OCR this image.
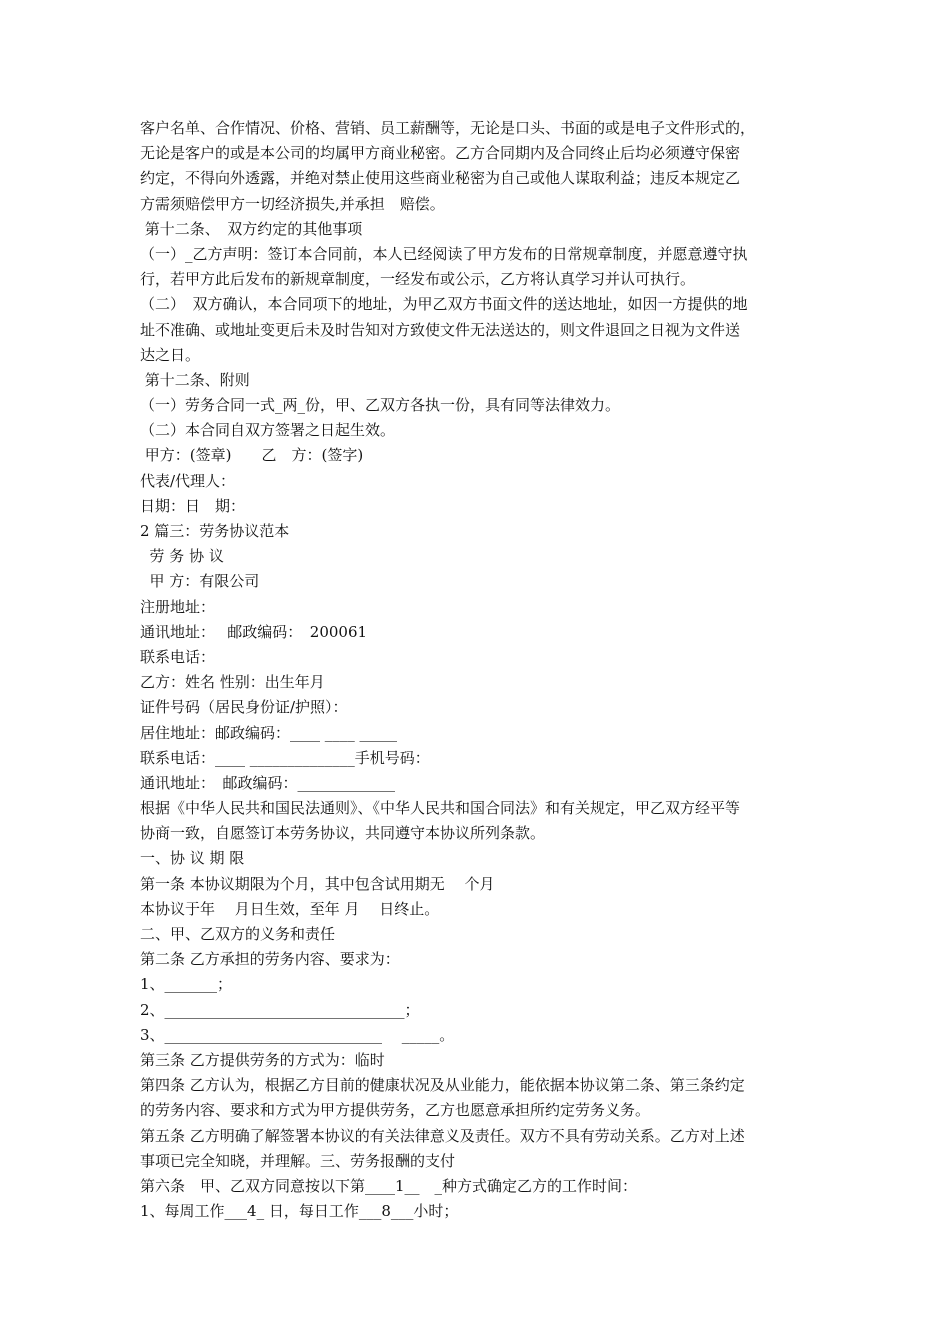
客户名单、合作情况、价格、营销、员工薪酬等，无论是口头、书面的或是电子文件形式的，
无论是客户的或是本公司的均属甲方商业秘密。乙方合同期内及合同终止后均必须遵守保密
约定，不得向外透露，并绝对禁止使用这些商业秘密为自己或他人谋取利益；违反本规定乙
方需须赔偿甲方一切经济损失,并承担　赔偿。
第十二条、　双方约定的其他事项
（一）_乙方声明：签订本合同前，本人已经阅读了甲方发布的日常规章制度，并愿意遵守执
行，若甲方此后发布的新规章制度，一经发布或公示，乙方将认真学习并认可执行。
（二）　双方确认，本合同项下的地址，为甲乙双方书面文件的送达地址，如因一方提供的地
址不准确、或地址变更后未及时告知对方致使文件无法送达的，则文件退回之日视为文件送
达之日。
第十二条、附则
（一）劳务合同一式_两_份，甲、乙双方各执一份，具有同等法律效力。
（二）本合同自双方签署之日起生效。
甲方：(签章)　　乙　方：(签字)
代表/代理人：
日期：日　期：
2 篇三：劳务协议范本
劳 务 协 议
甲 方：有限公司
注册地址：
通讯地址：　 邮政编码：　200061
联系电话：
乙方：姓名 性别：出生年月
证件号码（居民身份证/护照）：
居住地址：邮政编码：____ ____ _____
联系电话：____ ______________手机号码：
通讯地址：　邮政编码：_____________
根据《中华人民共和国民法通则》、《中华人民共和国合同法》和有关规定，甲乙双方经平等
协商一致，自愿签订本劳务协议，共同遵守本协议所列条款。
一、协 议 期 限
第一条 本协议期限为个月，其中包含试用期无　 个月
本协议于年　 月日生效，至年 月　 日终止。
二、甲、乙双方的义务和责任
第二条 乙方承担的劳务内容、要求为：
1、_______；
2、________________________________；
3、_____________________________　 _____。
第三条 乙方提供劳务的方式为：临时
第四条 乙方认为，根据乙方目前的健康状况及从业能力，能依据本协议第二条、第三条约定
的劳务内容、要求和方式为甲方提供劳务，乙方也愿意承担所约定劳务义务。
第五条 乙方明确了解签署本协议的有关法律意义及责任。双方不具有劳动关系。乙方对上述
事项已完全知晓，并理解。三、劳务报酬的支付
第六条　甲、乙双方同意按以下第____1__　_种方式确定乙方的工作时间：
1、每周工作___4_ 日，每日工作___8___小时；
